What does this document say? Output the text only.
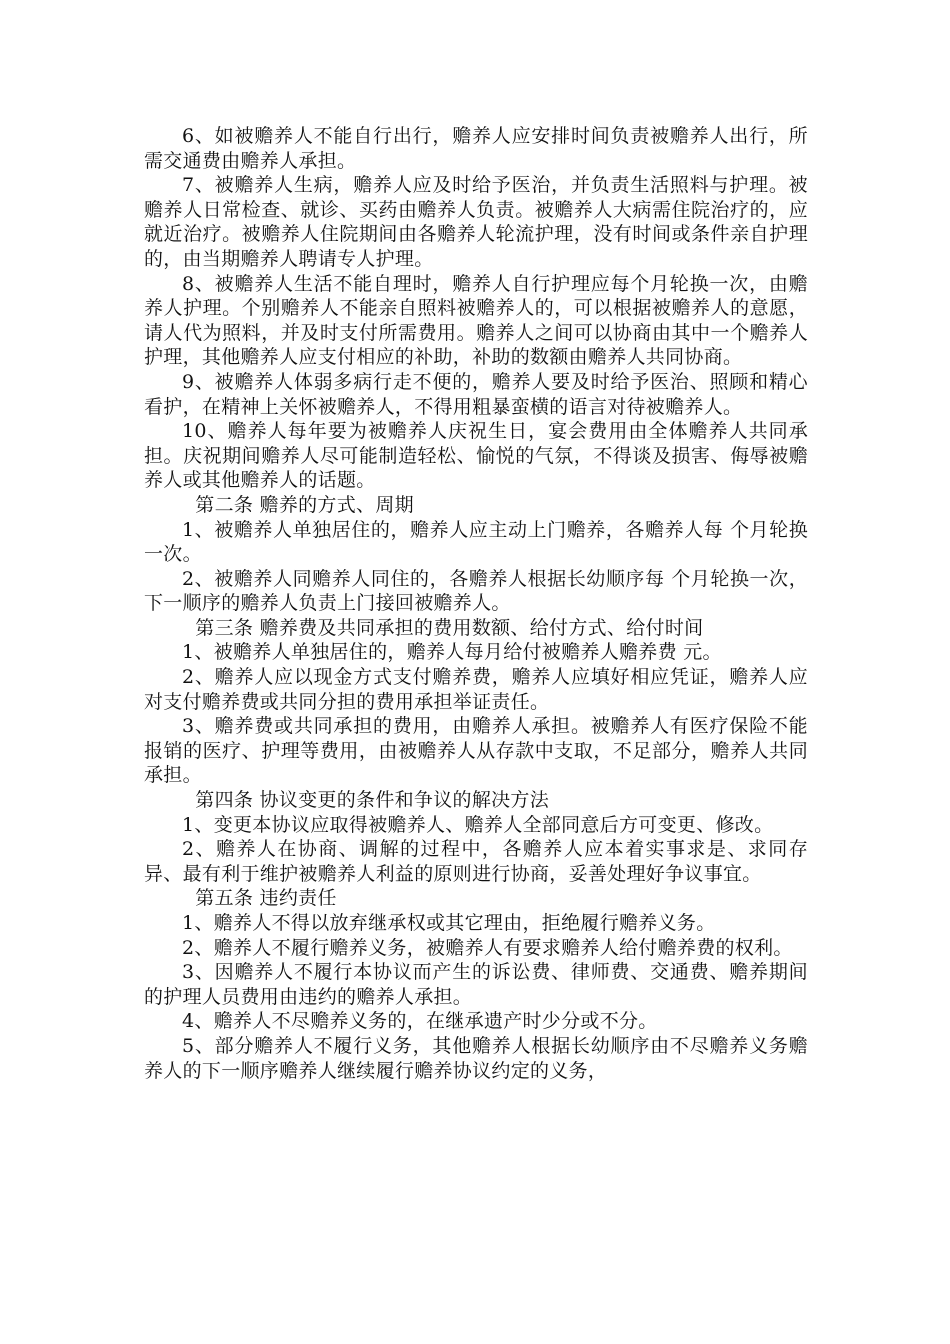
6、如被赡养人不能自行出行，赡养人应安排时间负责被赡养人出行，所需交通费由赡养人承担。

7、被赡养人生病，赡养人应及时给予医治，并负责生活照料与护理。被赡养人日常检查、就诊、买药由赡养人负责。被赡养人大病需住院治疗的，应就近治疗。被赡养人住院期间由各赡养人轮流护理，没有时间或条件亲自护理的，由当期赡养人聘请专人护理。

8、被赡养人生活不能自理时，赡养人自行护理应每个月轮换一次，由赡养人护理。个别赡养人不能亲自照料被赡养人的，可以根据被赡养人的意愿，请人代为照料，并及时支付所需费用。赡养人之间可以协商由其中一个赡养人护理，其他赡养人应支付相应的补助，补助的数额由赡养人共同协商。

9、被赡养人体弱多病行走不便的，赡养人要及时给予医治、照顾和精心看护，在精神上关怀被赡养人，不得用粗暴蛮横的语言对待被赡养人。

10、赡养人每年要为被赡养人庆祝生日，宴会费用由全体赡养人共同承担。庆祝期间赡养人尽可能制造轻松、愉悦的气氛，不得谈及损害、侮辱被赡养人或其他赡养人的话题。

第二条 赡养的方式、周期

1、被赡养人单独居住的，赡养人应主动上门赡养，各赡养人每 个月轮换一次。

2、被赡养人同赡养人同住的，各赡养人根据长幼顺序每 个月轮换一次，下一顺序的赡养人负责上门接回被赡养人。

第三条 赡养费及共同承担的费用数额、给付方式、给付时间

1、被赡养人单独居住的，赡养人每月给付被赡养人赡养费 元。

2、赡养人应以现金方式支付赡养费，赡养人应填好相应凭证，赡养人应对支付赡养费或共同分担的费用承担举证责任。

3、赡养费或共同承担的费用，由赡养人承担。被赡养人有医疗保险不能报销的医疗、护理等费用，由被赡养人从存款中支取，不足部分，赡养人共同承担。

第四条 协议变更的条件和争议的解决方法

1、变更本协议应取得被赡养人、赡养人全部同意后方可变更、修改。

2、赡养人在协商、调解的过程中，各赡养人应本着实事求是、求同存异、最有利于维护被赡养人利益的原则进行协商，妥善处理好争议事宜。

第五条 违约责任

1、赡养人不得以放弃继承权或其它理由，拒绝履行赡养义务。

2、赡养人不履行赡养义务，被赡养人有要求赡养人给付赡养费的权利。

3、因赡养人不履行本协议而产生的诉讼费、律师费、交通费、赡养期间的护理人员费用由违约的赡养人承担。

4、赡养人不尽赡养义务的，在继承遗产时少分或不分。

5、部分赡养人不履行义务，其他赡养人根据长幼顺序由不尽赡养义务赡养人的下一顺序赡养人继续履行赡养协议约定的义务，
